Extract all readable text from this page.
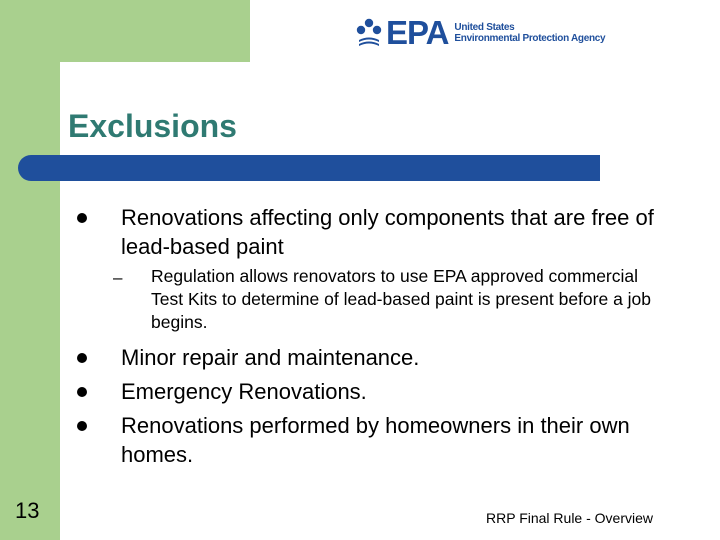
EPA United States
Environmental Protection Agency
Exclusions
Renovations affecting only components that are free of lead-based paint
– Regulation allows renovators to use EPA approved commercial Test Kits to determine of lead-based paint is present before a job begins.
Minor repair and maintenance.
Emergency Renovations.
Renovations performed by homeowners in their own homes.
13	RRP Final Rule - Overview
